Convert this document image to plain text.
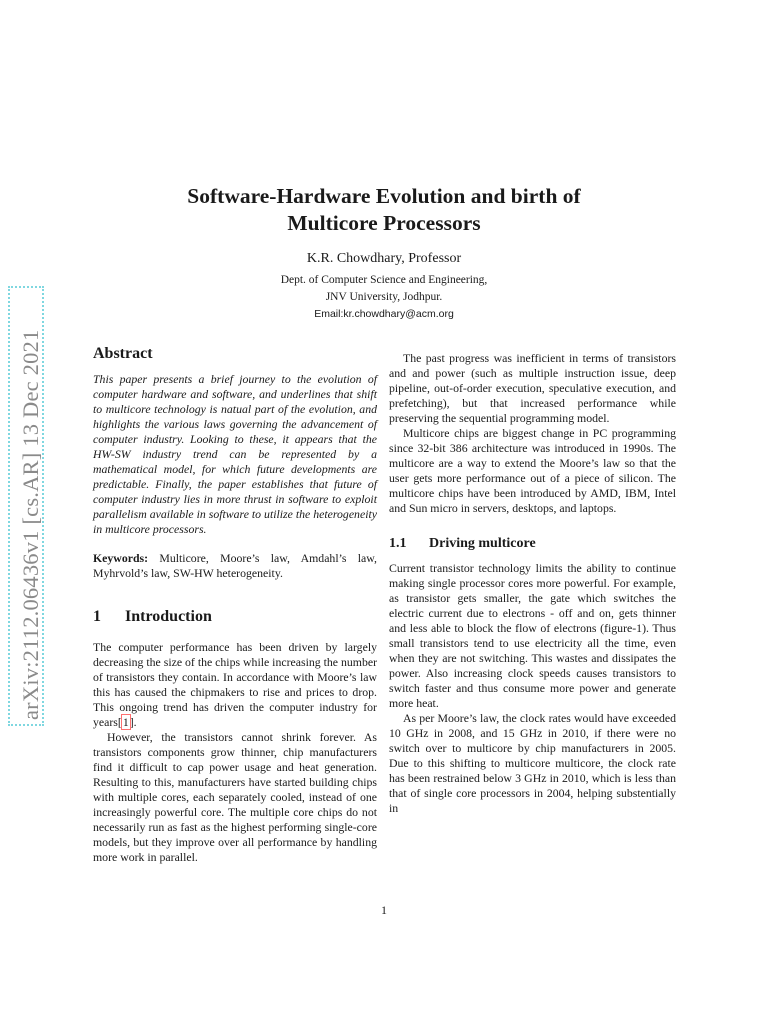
arXiv:2112.06436v1 [cs.AR] 13 Dec 2021
Software-Hardware Evolution and birth of
Multicore Processors
K.R. Chowdhary, Professor
Dept. of Computer Science and Engineering,
JNV University, Jodhpur.
Email:kr.chowdhary@acm.org
Abstract

This paper presents a brief journey to the evolution of computer hardware and software, and underlines that shift to multicore technology is natual part of the evolution, and highlights the various laws governing the advancement of computer industry. Looking to these, it appears that the HW-SW industry trend can be represented by a mathematical model, for which future developments are predictable. Finally, the paper establishes that future of computer industry lies in more thrust in software to exploit parallelism available in software to utilize the heterogeneity in multicore processors.

Keywords: Multicore, Moore’s law, Amdahl’s law, Myhrvold’s law, SW-HW heterogeneity.

1 Introduction

The computer performance has been driven by largely decreasing the size of the chips while increasing the number of transistors they contain. In accordance with Moore’s law this has caused the chipmakers to rise and prices to drop. This ongoing trend has driven the computer industry for years[1].

However, the transistors cannot shrink forever. As transistors components grow thinner, chip manufacturers find it difficult to cap power usage and heat generation. Resulting to this, manufacturers have started building chips with multiple cores, each separately cooled, instead of one increasingly powerful core. The multiple core chips do not necessarily run as fast as the highest performing single-core models, but they improve over all performance by handling more work in parallel.

The past progress was inefficient in terms of transistors and and power (such as multiple instruction issue, deep pipeline, out-of-order execution, speculative execution, and prefetching), but that increased performance while preserving the sequential programming model.

Multicore chips are biggest change in PC programming since 32-bit 386 architecture was introduced in 1990s. The multicore are a way to extend the Moore’s law so that the user gets more performance out of a piece of silicon. The multicore chips have been introduced by AMD, IBM, Intel and Sun micro in servers, desktops, and laptops.

1.1 Driving multicore

Current transistor technology limits the ability to continue making single processor cores more powerful. For example, as transistor gets smaller, the gate which switches the electric current due to electrons - off and on, gets thinner and less able to block the flow of electrons (figure-1). Thus small transistors tend to use electricity all the time, even when they are not switching. This wastes and dissipates the power. Also increasing clock speeds causes transistors to switch faster and thus consume more power and generate more heat.

As per Moore’s law, the clock rates would have exceeded 10 GHz in 2008, and 15 GHz in 2010, if there were no switch over to multicore by chip manufacturers in 2005. Due to this shifting to multicore multicore, the clock rate has been restrained below 3 GHz in 2010, which is less than that of single core processors in 2004, helping substentially in

1
